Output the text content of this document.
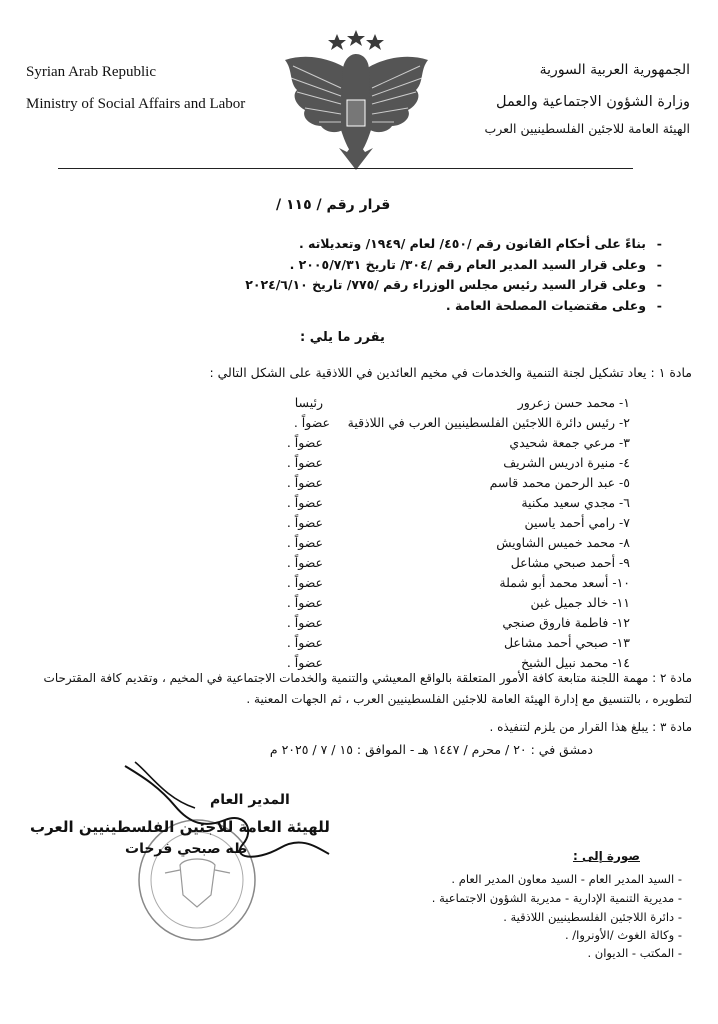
Syrian Arab Republic
Ministry of Social Affairs and Labor
الجمهورية العربية السورية
وزارة الشؤون الاجتماعية والعمل
الهيئة العامة للاجئين الفلسطينيين العرب
قرار رقم / ١١٥ /
-بناءً على أحكام القانون رقم /٤٥٠/ لعام /١٩٤٩/ وتعديلاته .
-وعلى قرار السيد المدير العام رقم /٣٠٤/ تاريخ ٢٠٠٥/٧/٣١ .
-وعلى قرار السيد رئيس مجلس الوزراء رقم /٧٧٥/ تاريخ ٢٠٢٤/٦/١٠
-وعلى مقتضيات المصلحة العامة .
يقرر ما يلي :
مادة ١ : يعاد تشكيل لجنة التنمية والخدمات في مخيم العائدين في اللاذقية على الشكل التالي :
١- محمد حسن زعرور
رئيسا
٢- رئيس دائرة اللاجئين الفلسطينيين العرب في اللاذقية
عضواً .
٣- مرعي جمعة شحيدي
عضواً .
٤- منيرة ادريس الشريف
عضواً .
٥- عبد الرحمن محمد قاسم
عضواً .
٦- مجدي سعيد مكنية
عضواً .
٧- رامي أحمد ياسين
عضواً .
٨- محمد خميس الشاويش
عضواً .
٩- أحمد صبحي مشاعل
عضواً .
١٠- أسعد محمد أبو شملة
عضواً .
١١- خالد جميل غبن
عضواً .
١٢- فاطمة فاروق صنجي
عضواً .
١٣- صبحي أحمد مشاعل
عضواً .
١٤- محمد نبيل الشيخ
عضواً .
مادة ٢ : مهمة اللجنة متابعة كافة الأمور المتعلقة بالواقع المعيشي والتنمية والخدمات الاجتماعية في المخيم ، وتقديم كافة المقترحات لتطويره ، بالتنسيق مع إدارة الهيئة العامة للاجئين الفلسطينيين العرب ، ثم الجهات المعنية .
مادة ٣ : يبلغ هذا القرار من يلزم لتنفيذه .
دمشق في : ٢٠ / محرم / ١٤٤٧ هـ - الموافق : ١٥ / ٧ / ٢٠٢٥ م
المدير العام
للهيئة العامة للاجئين الفلسطينيين العرب
طه صبحي فرحات	صورة إلى :
- السيد المدير العام - السيد معاون المدير العام .
- مديرية التنمية الإدارية - مديرية الشؤون الاجتماعية .
- دائرة اللاجئين الفلسطينيين اللاذقية .
- وكالة الغوث /الأونروا/ .
- المكتب - الديوان .
